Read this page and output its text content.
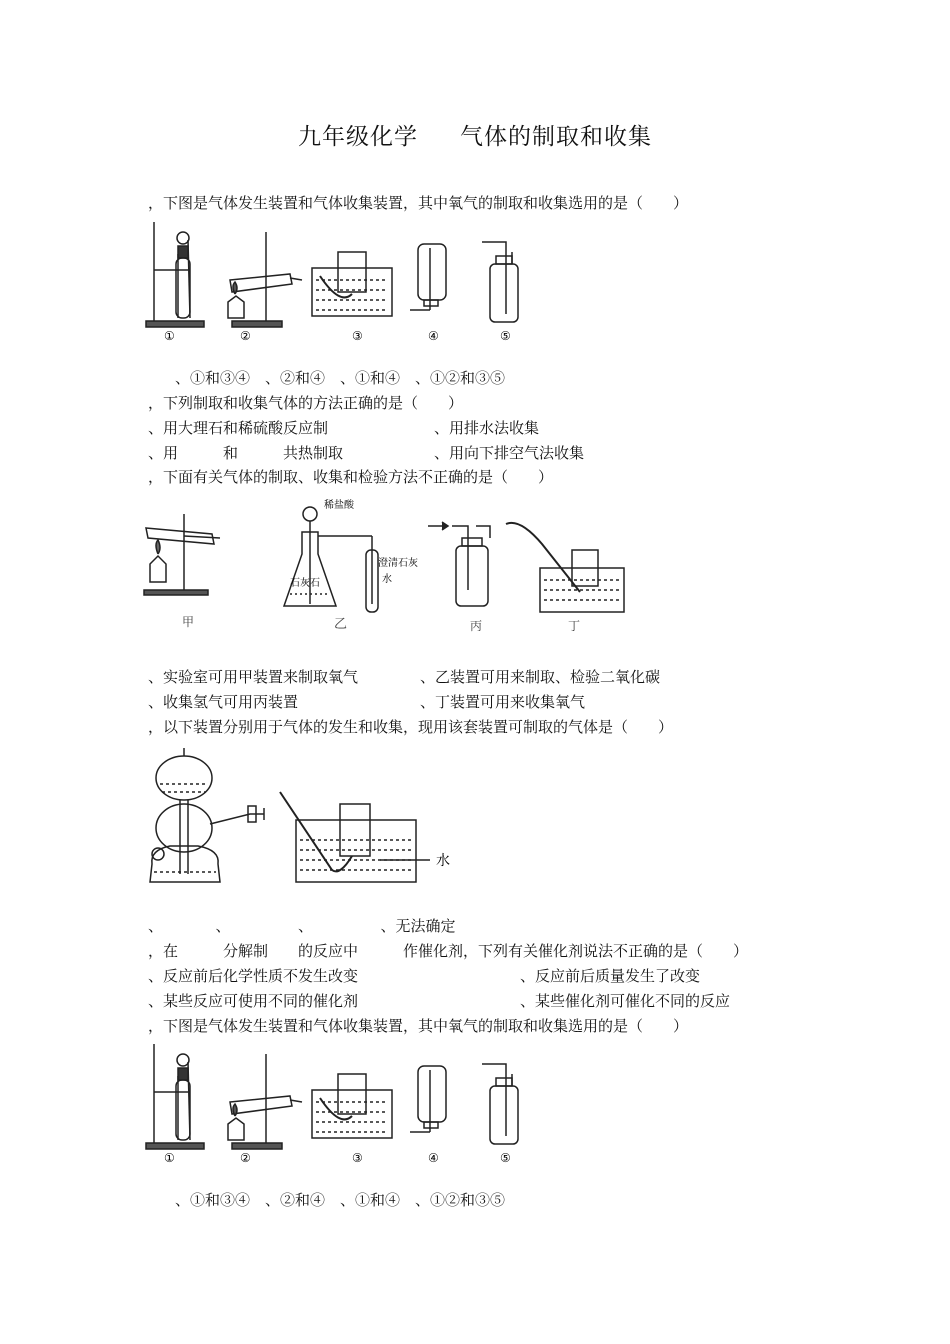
九年级化学 气体的制取和收集
，下图是气体发生装置和气体收集装置，其中氧气的制取和收集选用的是（　　）
①	②	③	④	⑤
　、①和③④　、②和④　、①和④　、①②和③⑤
，下列制取和收集气体的方法正确的是（　　）
、用大理石和稀硫酸反应制	、用排水法收集
、用　　　和　　　共热制取	、用向下排空气法收集
，下面有关气体的制取、收集和检验方法不正确的是（　　）
甲
稀盐酸
石灰石
澄清石灰
水
乙	丙	丁
、实验室可用甲装置来制取氧气	、乙装置可用来制取、检验二氧化碳
、收集氢气可用丙装置	、丁装置可用来收集氧气
，以下装置分别用于气体的发生和收集，现用该套装置可制取的气体是（　　）
水
、　　　　、　　　　　、　　　　　、无法确定
，在　　　分解制　　的反应中　　　作催化剂，下列有关催化剂说法不正确的是（　　）
、反应前后化学性质不发生改变	、反应前后质量发生了改变
、某些反应可使用不同的催化剂	、某些催化剂可催化不同的反应
，下图是气体发生装置和气体收集装置，其中氧气的制取和收集选用的是（　　）
①	②	③	④	⑤
　、①和③④　、②和④　、①和④　、①②和③⑤
